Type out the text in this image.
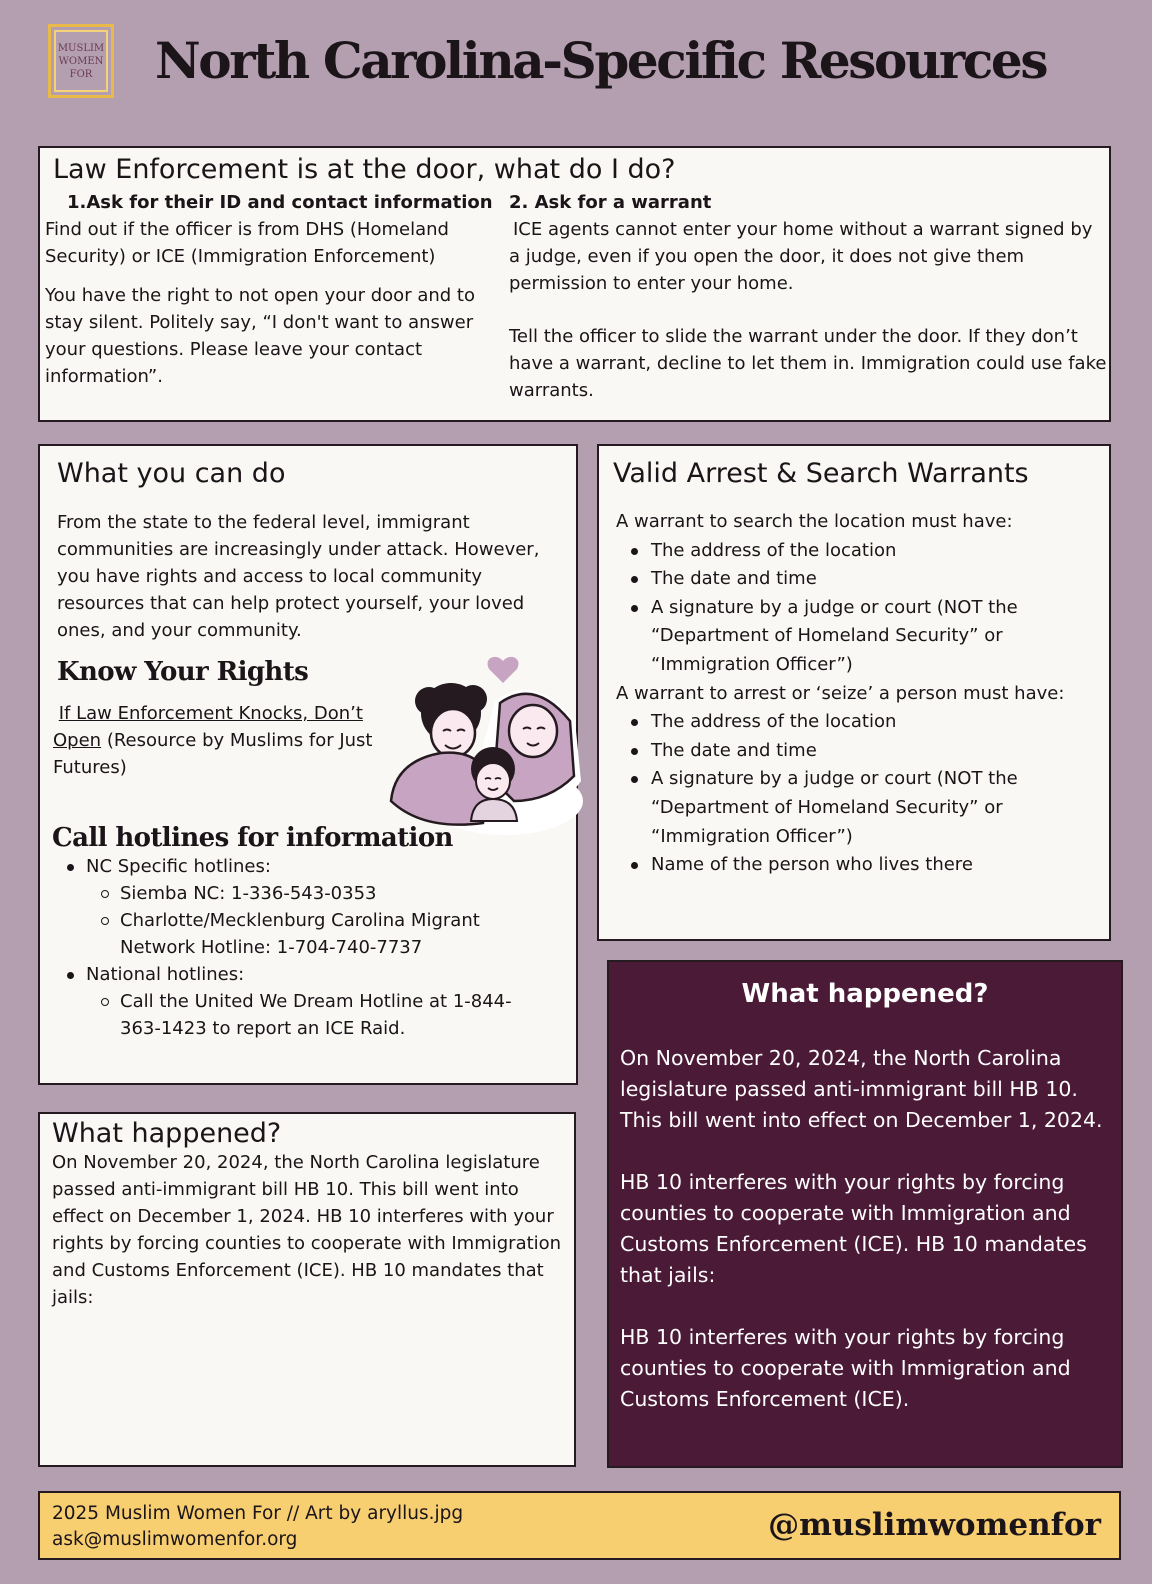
MUSLIM
WOMEN
FOR North Carolina-Specific Resources
Law Enforcement is at the door, what do I do?
1.Ask for their ID and contact information

Find out if the officer is from DHS (Homeland Security) or ICE (Immigration Enforcement)

You have the right to not open your door and to stay silent. Politely say, “I don't want to answer your questions. Please leave your contact information”.

2. Ask for a warrant

ICE agents cannot enter your home without a warrant signed by a judge, even if you open the door, it does not give them permission to enter your home.

Tell the officer to slide the warrant under the door. If they don’t have a warrant, decline to let them in. Immigration could use fake warrants.

What you can do

From the state to the federal level, immigrant communities are increasingly under attack. However, you have rights and access to local community resources that can help protect yourself, your loved ones, and your community.

Know Your Rights

If Law Enforcement Knocks, Don’t Open (Resource by Muslims for Just Futures)

Call hotlines for information
NC Specific hotlines:
Siemba NC: 1-336-543-0353
Charlotte/Mecklenburg Carolina Migrant Network Hotline: 1-704-740-7737
National hotlines:
Call the United We Dream Hotline at 1-844-363-1423 to report an ICE Raid.
What happened?

On November 20, 2024, the North Carolina legislature passed anti-immigrant bill HB 10. This bill went into effect on December 1, 2024. HB 10 interferes with your rights by forcing counties to cooperate with Immigration and Customs Enforcement (ICE). HB 10 mandates that jails:

Valid Arrest & Search Warrants
A warrant to search the location must have:
The address of the location
The date and time
A signature by a judge or court (NOT the “Department of Homeland Security” or “Immigration Officer”)
A warrant to arrest or ‘seize’ a person must have:
The address of the location
The date and time
A signature by a judge or court (NOT the “Department of Homeland Security” or “Immigration Officer”)
Name of the person who lives there
What happened?

On November 20, 2024, the North Carolina legislature passed anti-immigrant bill HB 10. This bill went into effect on December 1, 2024.

HB 10 interferes with your rights by forcing counties to cooperate with Immigration and Customs Enforcement (ICE). HB 10 mandates that jails:

HB 10 interferes with your rights by forcing counties to cooperate with Immigration and Customs Enforcement (ICE).

2025 Muslim Women For // Art by aryllus.jpg
ask@muslimwomenfor.org	@muslimwomenfor
